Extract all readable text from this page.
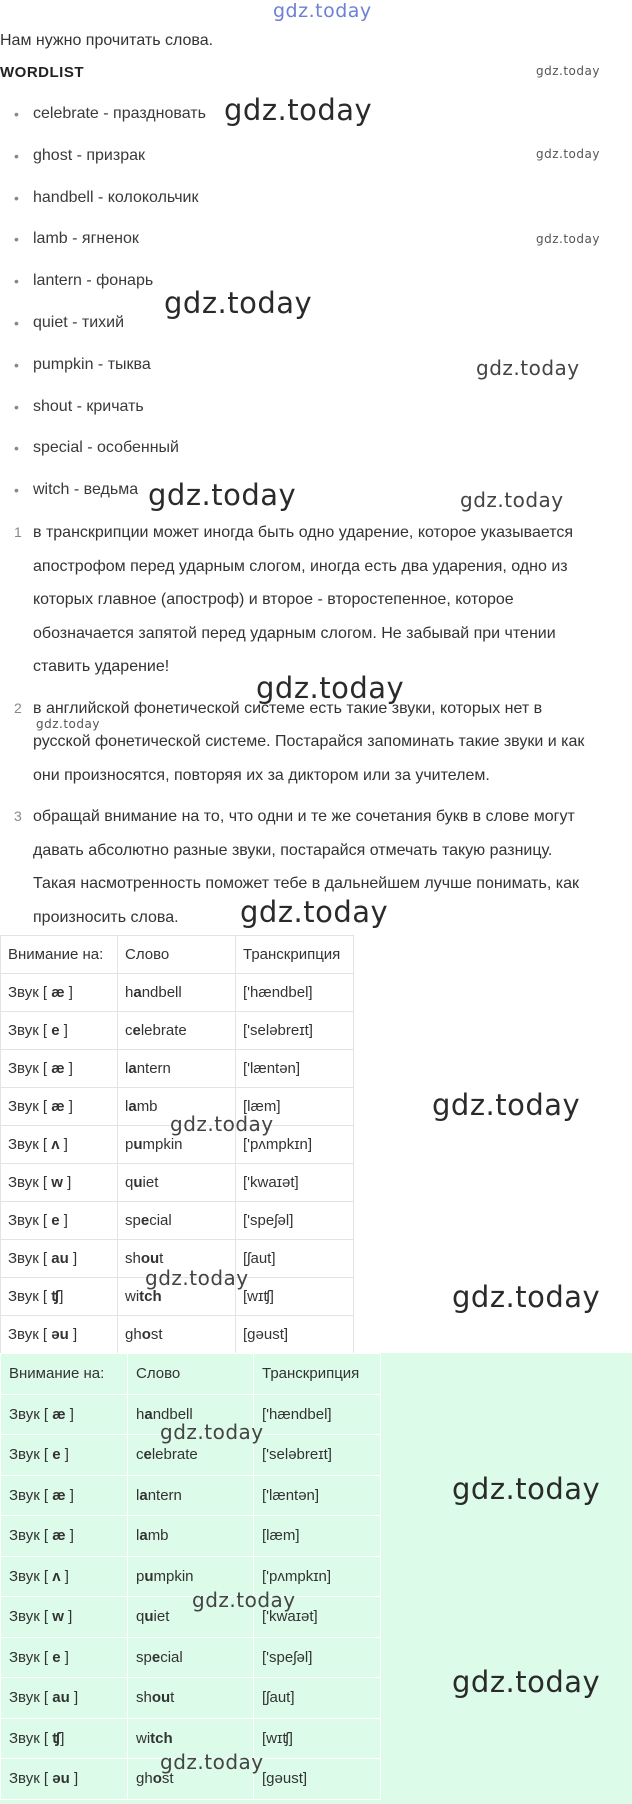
gdz.today
Нам нужно прочитать слова.
WORDLIST
• celebrate - праздновать
• ghost - призрак
• handbell - колокольчик
• lamb - ягненок
• lantern - фонарь
• quiet - тихий
• pumpkin - тыква
• shout - кричать
• special - особенный
• witch - ведьма
1 в транскрипции может иногда быть одно ударение, которое указывается
апострофом перед ударным слогом, иногда есть два ударения, одно из
которых главное (апостроф) и второе - второстепенное, которое
обозначается запятой перед ударным слогом. Не забывай при чтении
ставить ударение!
2 в английской фонетической системе есть такие звуки, которых нет в
русской фонетической системе. Постарайся запоминать такие звуки и как
они произносятся, повторяя их за диктором или за учителем.
3 обращай внимание на то, что одни и те же сочетания букв в слове могут
давать абсолютно разные звуки, постарайся отмечать такую разницу.
Такая насмотренность поможет тебе в дальнейшем лучше понимать, как
произносить слова.
Внимание на:	Слово	Транскрипция
Звук [ æ ]	handbell	['hændbel]
Звук [ e ]	celebrate	['seləbreɪt]
Звук [ æ ]	lantern	['læntən]
Звук [ æ ]	lamb	[læm]
Звук [ ʌ ]	pumpkin	['pʌmpkɪn]
Звук [ w ]	quiet	['kwaɪət]
Звук [ e ]	special	['speʃəl]
Звук [ au ]	shout	[ʃaut]
Звук [ ʧ]	witch	[wɪʧ]
Звук [ əu ]	ghost	[gəust]
Внимание на:	Слово	Транскрипция
Звук [ æ ]	handbell	['hændbel]
Звук [ e ]	celebrate	['seləbreɪt]
Звук [ æ ]	lantern	['læntən]
Звук [ æ ]	lamb	[læm]
Звук [ ʌ ]	pumpkin	['pʌmpkɪn]
Звук [ w ]	quiet	['kwaɪət]
Звук [ e ]	special	['speʃəl]
Звук [ au ]	shout	[ʃaut]
Звук [ ʧ]	witch	[wɪʧ]
Звук [ əu ]	ghost	[gəust]
gdz.today
gdz.today
gdz.today
gdz.today
gdz.today
gdz.today
gdz.today	gdz.today
gdz.today
gdz.today
gdz.today
gdz.today
gdz.today
gdz.today
gdz.today
gdz.today
gdz.today
gdz.today
gdz.today
gdz.today
